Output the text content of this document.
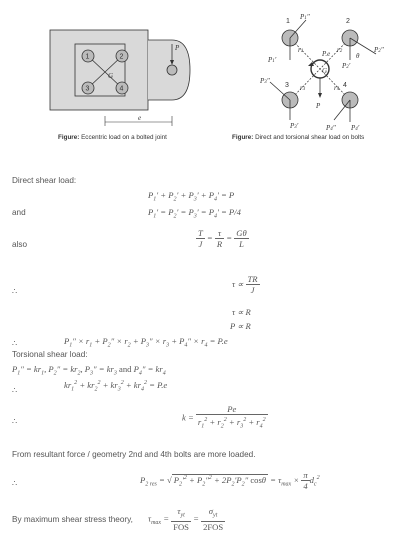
1	2
3	4
G
P
e
Figure: Eccentric load on a bolted joint
1	2
3	4
P1″
P2″
P2′
θ
P1′
P3″
P3′	P4″ P4′
P.e
G
P
r1	r2
r3	r4
Figure: Direct and torsional shear load on bolts
Direct shear load:
$P_1' + P_2' + P_3' + P_4' = P$
and	$P_1' = P_2' = P_3' = P_4' = P/4$
also	$\frac{T}{J} = \frac{\tau}{R} = \frac{G\theta}{L}$
∴
$\tau \propto \frac{TR}{J}$
τ ∝ R
P ∝ R
∴	$P_1'' \times r_1 + P_2'' \times r_2 + P_3'' \times r_3 + P_4'' \times r_4 = P.e$
Torsional shear load:
$P_1'' = kr_1$, $P_2'' = kr_2$, $P_3'' = kr_3$ and $P_4'' = kr_4$
∴
$kr_1^2 + kr_2^2 + kr_3^2 + kr_4^2 = P.e$
∴	$k = \frac{Pe}{r_1^2 + r_2^2 + r_3^2 + r_4^2}$
From resultant force / geometry 2nd and 4th bolts are more loaded.
∴	$P_{2 res}$ = √ $P_2'^2 + P_2''^2 + 2P_2'P_2''$ $\cos\theta = \tau_{max} \times \frac{\pi}{4} d_c^2$
By maximum shear stress theory, $\tau_{max} = \frac{\tau_{yt}}{\text{FOS}} = \frac{\sigma_{yt}}{\text{2FOS}}$
